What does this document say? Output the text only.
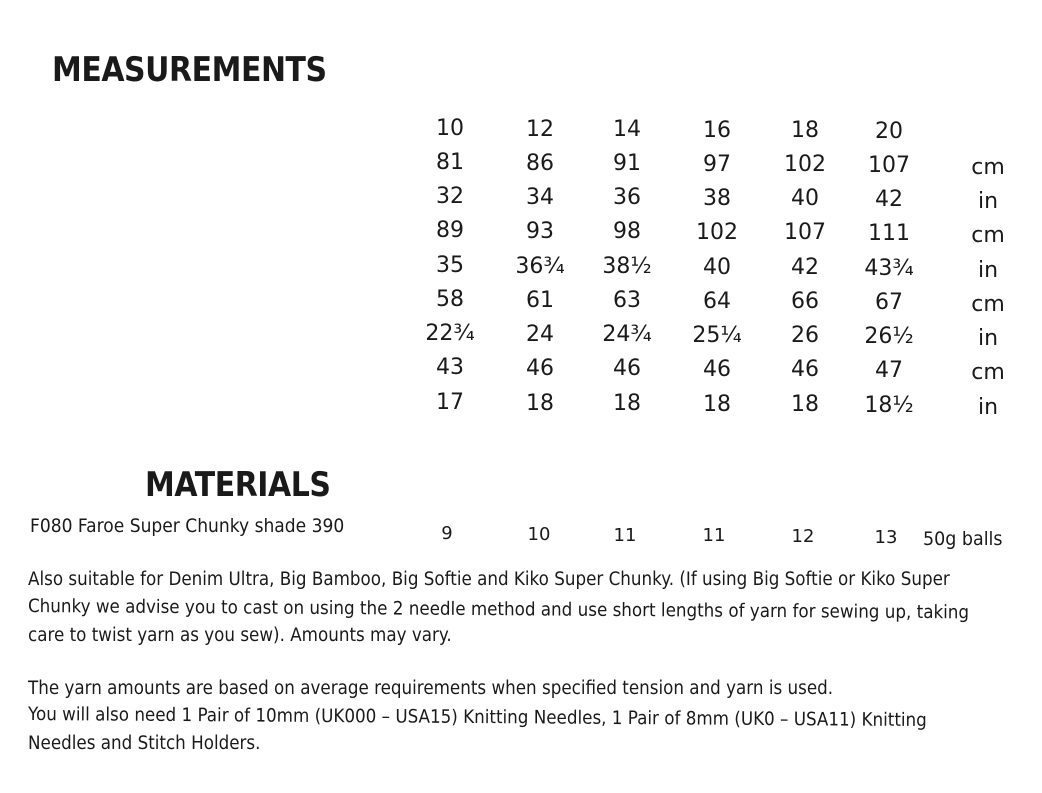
MEASUREMENTS
10	12	14	16	18	20
81	86	91	97	102	107	cm
32	34	36	38	40	42	in
89	93	98	102	107	111	cm
35	36¾	38½	40	42	43¾	in
58	61	63	64	66	67	cm
22¾	24	24¾	25¼	26	26½	in
43	46	46	46	46	47	cm
17	18	18	18	18	18½	in
MATERIALS
F080 Faroe Super Chunky shade 390	9	10	11	11	12	13	50g balls
Also suitable for Denim Ultra, Big Bamboo, Big Softie and Kiko Super Chunky. (If using Big Softie or Kiko Super
Chunky we advise you to cast on using the 2 needle method and use short lengths of yarn for sewing up, taking
care to twist yarn as you sew). Amounts may vary.
The yarn amounts are based on average requirements when specified tension and yarn is used.
You will also need 1 Pair of 10mm (UK000 – USA15) Knitting Needles, 1 Pair of 8mm (UK0 – USA11) Knitting
Needles and Stitch Holders.
